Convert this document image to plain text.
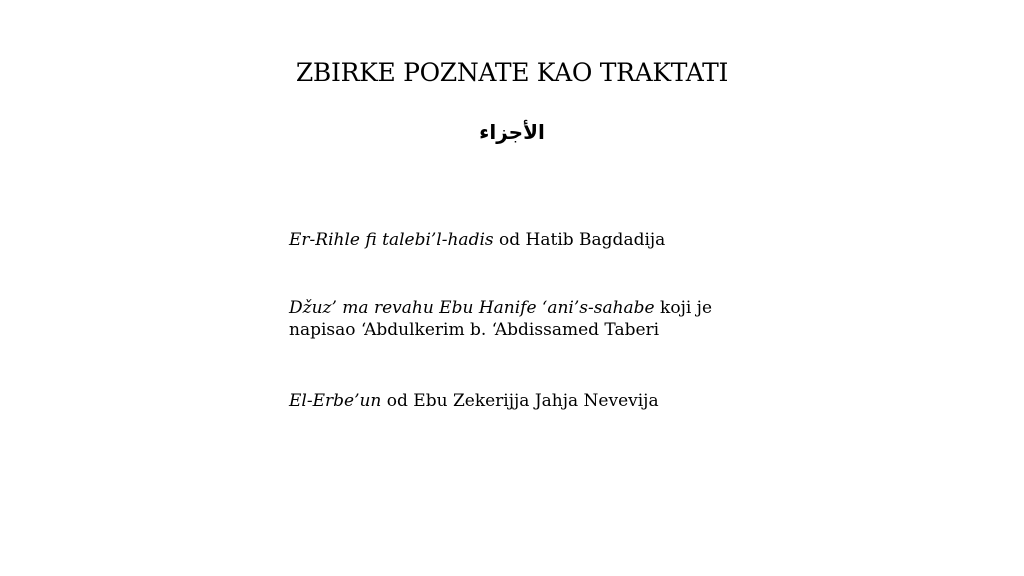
ZBIRKE POZNATE KAO TRAKTATI
الأجزاء

Er-Rihle fi talebi’l-hadis od Hatib Bagdadija

Džuz’ ma revahu Ebu Hanife ‘ani’s-sahabe koji je napisao ‘Abdulkerim b. ‘Abdissamed Taberi

El-Erbe’un od Ebu Zekerijja Jahja Nevevija
